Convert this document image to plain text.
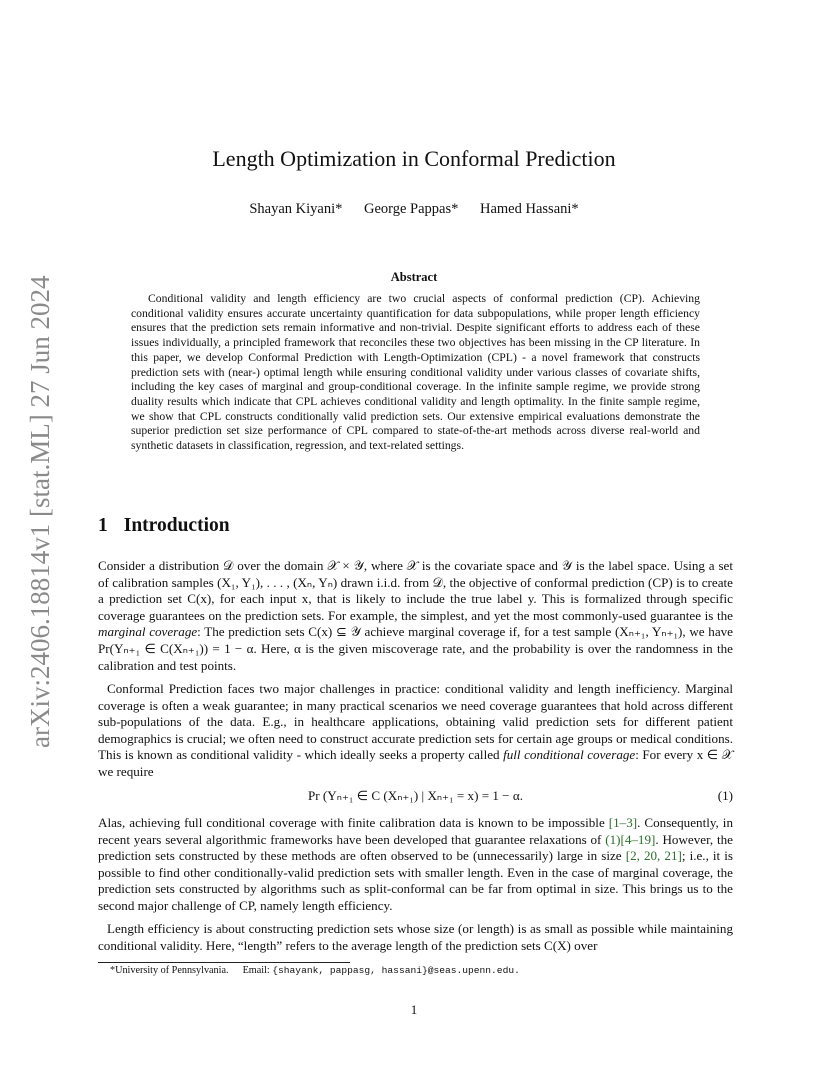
arXiv:2406.18814v1 [stat.ML] 27 Jun 2024
Length Optimization in Conformal Prediction
Shayan Kiyani* George Pappas* Hamed Hassani*
Abstract

Conditional validity and length efficiency are two crucial aspects of conformal prediction (CP). Achieving conditional validity ensures accurate uncertainty quantification for data subpopulations, while proper length efficiency ensures that the prediction sets remain informative and non-trivial. Despite significant efforts to address each of these issues individually, a principled framework that reconciles these two objectives has been missing in the CP literature. In this paper, we develop Conformal Prediction with Length-Optimization (CPL) - a novel framework that constructs prediction sets with (near-) optimal length while ensuring conditional validity under various classes of covariate shifts, including the key cases of marginal and group-conditional coverage. In the infinite sample regime, we provide strong duality results which indicate that CPL achieves conditional validity and length optimality. In the finite sample regime, we show that CPL constructs conditionally valid prediction sets. Our extensive empirical evaluations demonstrate the superior prediction set size performance of CPL compared to state-of-the-art methods across diverse real-world and synthetic datasets in classification, regression, and text-related settings.

1 Introduction

Consider a distribution 𝒟 over the domain 𝒳 × 𝒴, where 𝒳 is the covariate space and 𝒴 is the label space. Using a set of calibration samples (X₁, Y₁), . . . , (Xₙ, Yₙ) drawn i.i.d. from 𝒟, the objective of conformal prediction (CP) is to create a prediction set C(x), for each input x, that is likely to include the true label y. This is formalized through specific coverage guarantees on the prediction sets. For example, the simplest, and yet the most commonly-used guarantee is the marginal coverage: The prediction sets C(x) ⊆ 𝒴 achieve marginal coverage if, for a test sample (Xₙ₊₁, Yₙ₊₁), we have Pr(Yₙ₊₁ ∈ C(Xₙ₊₁)) = 1 − α. Here, α is the given miscoverage rate, and the probability is over the randomness in the calibration and test points.

Conformal Prediction faces two major challenges in practice: conditional validity and length inefficiency. Marginal coverage is often a weak guarantee; in many practical scenarios we need coverage guarantees that hold across different sub-populations of the data. E.g., in healthcare applications, obtaining valid prediction sets for different patient demographics is crucial; we often need to construct accurate prediction sets for certain age groups or medical conditions. This is known as conditional validity - which ideally seeks a property called full conditional coverage: For every x ∈ 𝒳 we require

Pr (Yₙ₊₁ ∈ C (Xₙ₊₁) | Xₙ₊₁ = x) = 1 − α.	(1)

Alas, achieving full conditional coverage with finite calibration data is known to be impossible [1–3]. Consequently, in recent years several algorithmic frameworks have been developed that guarantee relaxations of (1)[4–19]. However, the prediction sets constructed by these methods are often observed to be (unnecessarily) large in size [2, 20, 21]; i.e., it is possible to find other conditionally-valid prediction sets with smaller length. Even in the case of marginal coverage, the prediction sets constructed by algorithms such as split-conformal can be far from optimal in size. This brings us to the second major challenge of CP, namely length efficiency.

Length efficiency is about constructing prediction sets whose size (or length) is as small as possible while maintaining conditional validity. Here, “length” refers to the average length of the prediction sets C(X) over

*University of Pennsylvania. Email: {shayank, pappasg, hassani}@seas.upenn.edu.
1
